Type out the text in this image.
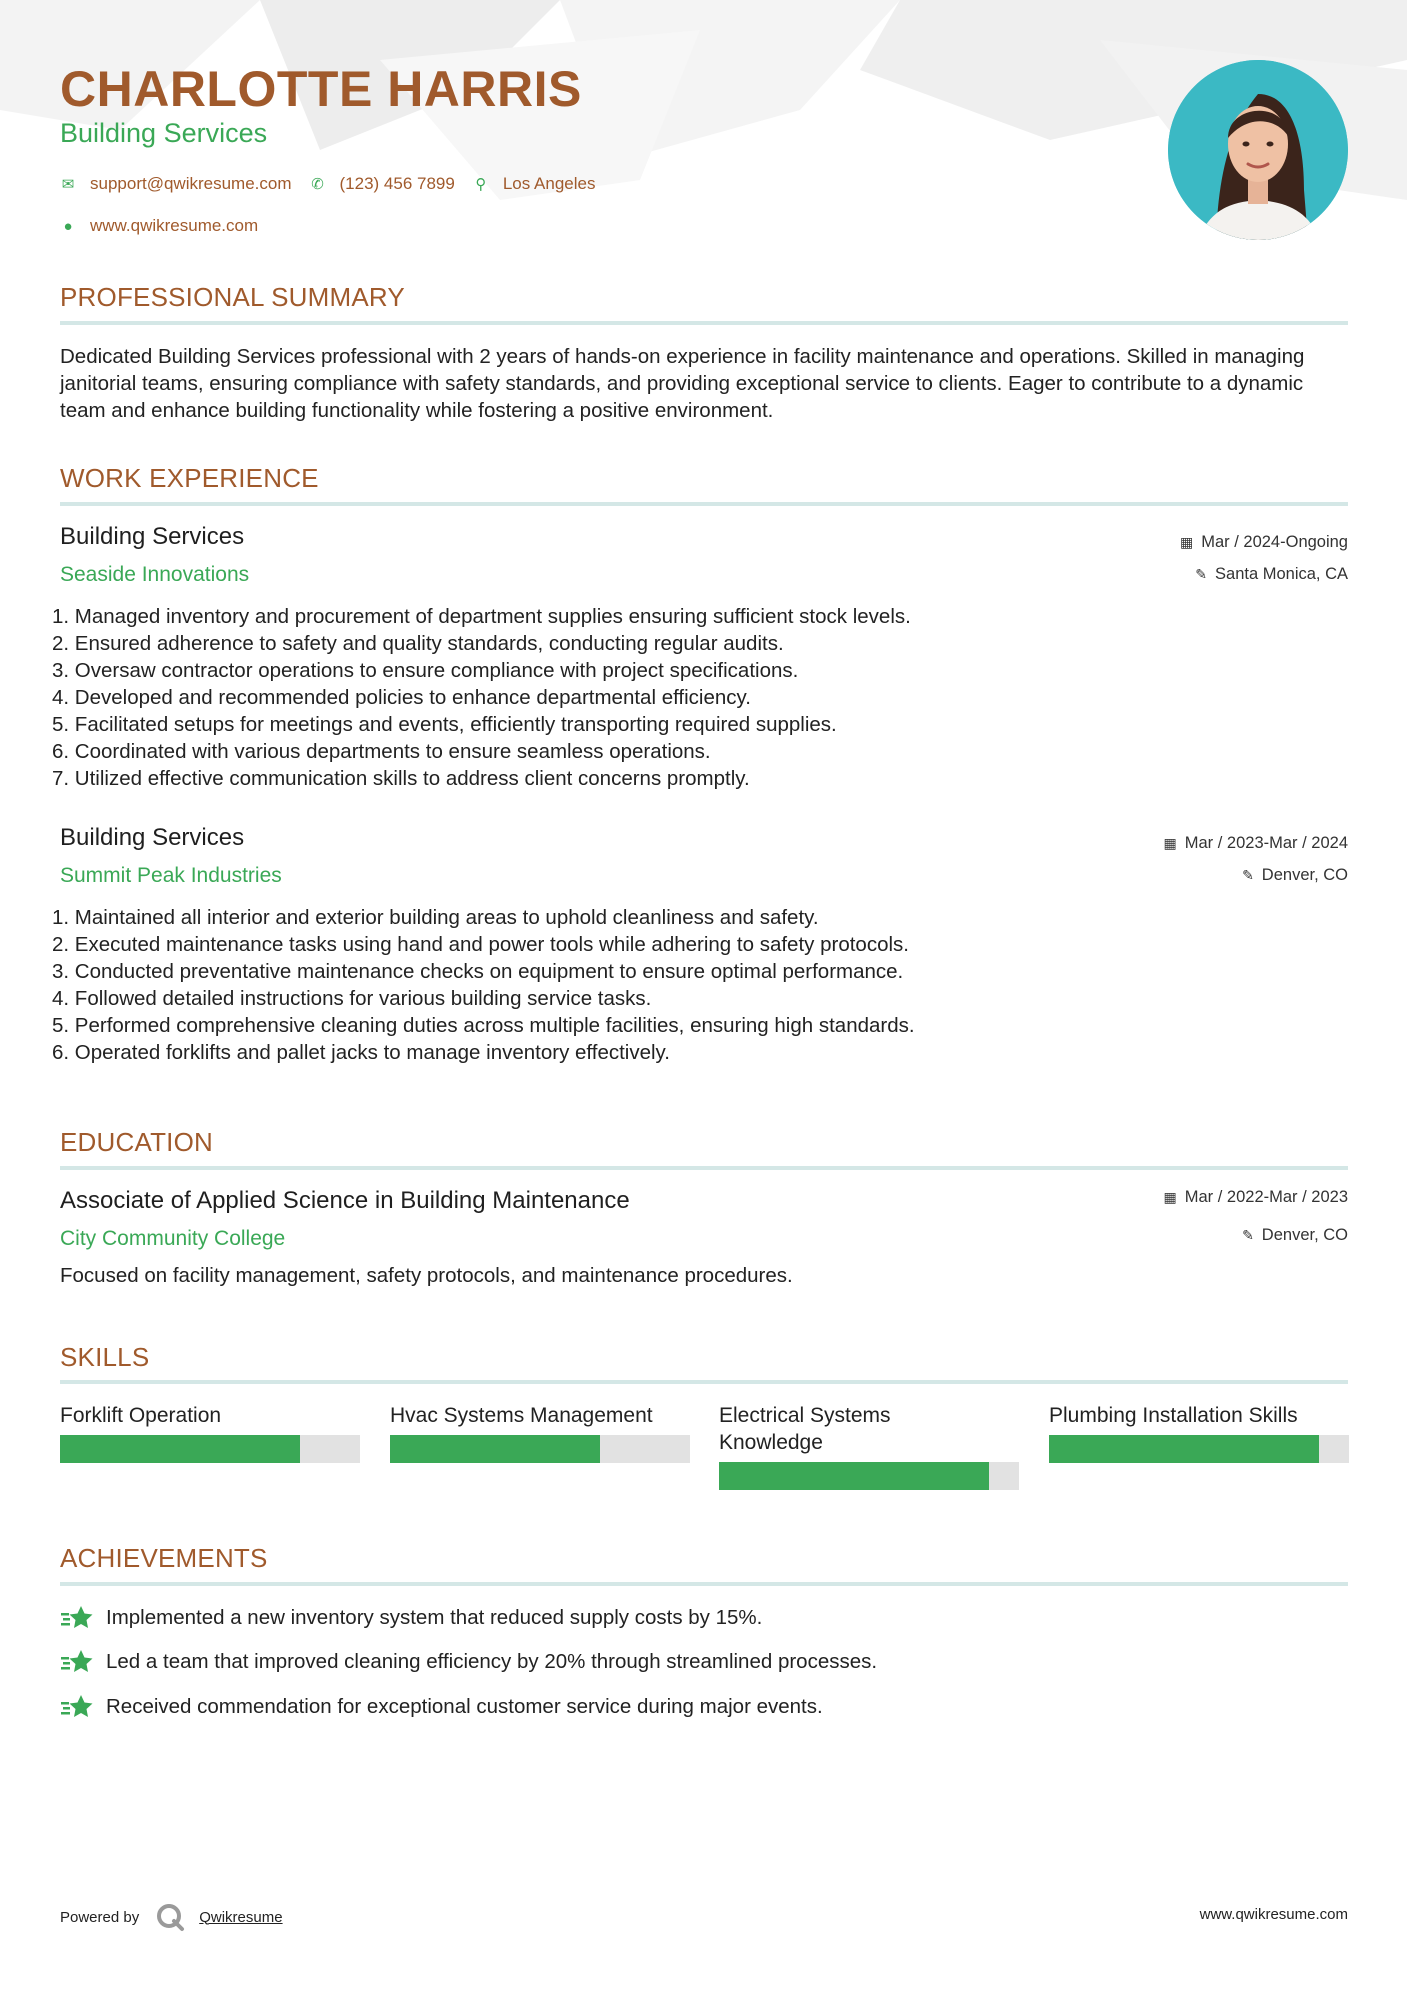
CHARLOTTE HARRIS
Building Services
✉ support@qwikresume.com ✆ (123) 456 7899 ⚲ Los Angeles
● www.qwikresume.com
PROFESSIONAL SUMMARY
Dedicated Building Services professional with 2 years of hands-on experience in facility maintenance and operations. Skilled in managing janitorial teams, ensuring compliance with safety standards, and providing exceptional service to clients. Eager to contribute to a dynamic team and enhance building functionality while fostering a positive environment.
WORK EXPERIENCE
Building Services
Seaside Innovations
▦ Mar / 2024-Ongoing
✎ Santa Monica, CA
1. Managed inventory and procurement of department supplies ensuring sufficient stock levels.
2. Ensured adherence to safety and quality standards, conducting regular audits.
3. Oversaw contractor operations to ensure compliance with project specifications.
4. Developed and recommended policies to enhance departmental efficiency.
5. Facilitated setups for meetings and events, efficiently transporting required supplies.
6. Coordinated with various departments to ensure seamless operations.
7. Utilized effective communication skills to address client concerns promptly.
Building Services
Summit Peak Industries
▦ Mar / 2023-Mar / 2024
✎ Denver, CO
1. Maintained all interior and exterior building areas to uphold cleanliness and safety.
2. Executed maintenance tasks using hand and power tools while adhering to safety protocols.
3. Conducted preventative maintenance checks on equipment to ensure optimal performance.
4. Followed detailed instructions for various building service tasks.
5. Performed comprehensive cleaning duties across multiple facilities, ensuring high standards.
6. Operated forklifts and pallet jacks to manage inventory effectively.
EDUCATION
Associate of Applied Science in Building Maintenance
City Community College
▦ Mar / 2022-Mar / 2023
✎ Denver, CO
Focused on facility management, safety protocols, and maintenance procedures.
SKILLS
Forklift Operation	Hvac Systems Management	Electrical Systems Knowledge
Plumbing Installation Skills
ACHIEVEMENTS
Implemented a new inventory system that reduced supply costs by 15%.
Led a team that improved cleaning efficiency by 20% through streamlined processes.
Received commendation for exceptional customer service during major events.
Powered by	Qwikresume	www.qwikresume.com
